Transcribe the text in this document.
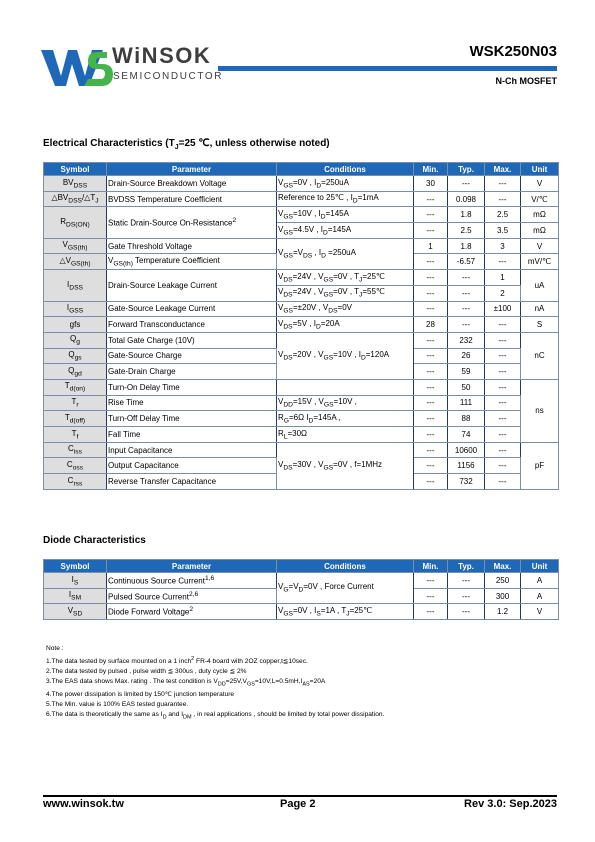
WiNSOK
SEMICONDUCTOR
WSK250N03
N-Ch MOSFET
Electrical Characteristics ($T_J=25$ ℃, unless otherwise noted)
Symbol	Parameter	Conditions	Min.	Typ.	Max.	Unit
$BV_{DSS}$	Drain-Source Breakdown Voltage	$V_{GS}=0V$ , $I_D=250uA$	30	---	---	V
$\triangle BV_{DSS}/\triangle T_J$	BVDSS Temperature Coefficient	Reference to 25℃ , $I_D=1mA$	---	0.098	---	V/℃
$R_{DS(ON)}$	Static Drain-Source On-Resistance$^2$	$V_{GS}=10V$ , $I_D=145A$	---	1.8	2.5	mΩ
		$V_{GS}=4.5V$ , $I_D=145A$	---	2.5	3.5	mΩ
$V_{GS(th)}$	Gate Threshold Voltage	$V_{GS}=V_{DS}$ , $I_D =250uA$	1	1.8	3	V
$\triangle V_{GS(th)}$	$V_{GS(th)}$ Temperature Coefficient		---	-6.57	---	mV/℃
$I_{DSS}$	Drain-Source Leakage Current	$V_{DS}=24V$ , $V_{GS}=0V$ , $T_J=25℃$	---	---	1	uA
		$V_{DS}=24V$ , $V_{GS}=0V$ , $T_J=55℃$	---	---	2	
$I_{GSS}$	Gate-Source Leakage Current	$V_{GS}=\pm 20V$ , $V_{DS}=0V$	---	---	±100	nA
gfs	Forward Transconductance	$V_{DS}=5V$ , $I_D=20A$	28	---	---	S
$Q_g$	Total Gate Charge (10V)	$V_{DS}=20V$ , $V_{GS}=10V$ , $I_D=120A$	---	232	---	nC
$Q_{gs}$	Gate-Source Charge		---	26	---	
$Q_{gd}$	Gate-Drain Charge		---	59	---	
$T_{d(on)}$	Turn-On Delay Time		---	50	---	ns
$T_r$	Rise Time	$V_{DD}=15V$ , $V_{GS}=10V$ ,	---	111	---	
$T_{d(off)}$	Turn-Off Delay Time	$R_G=6\Omega$ $I_D=145A$ ,	---	88	---	
$T_f$	Fall Time	$R_L=30\Omega$	---	74	---	
$C_{iss}$	Input Capacitance	$V_{DS}=30V$ , $V_{GS}=0V$ , f=1MHz	---	10600	---	pF
$C_{oss}$	Output Capacitance		---	1156	---	
$C_{rss}$	Reverse Transfer Capacitance		---	732	---	
Diode Characteristics
Symbol	Parameter	Conditions	Min.	Typ.	Max.	Unit
$I_S$	Continuous Source Current$^{1,6}$	$V_G=V_D=0V$ , Force Current	---	---	250	A
$I_{SM}$	Pulsed Source Current$^{2,6}$		---	---	300	A
$V_{SD}$	Diode Forward Voltage$^2$	$V_{GS}=0V$ , $I_S=1A$ , $T_J=25℃$	---	---	1.2	V
Note :
1.The data tested by surface mounted on a 1 inch$^2$ FR-4 board with 2OZ copper,t≦10sec.
2.The data tested by pulsed , pulse width ≦ 300us , duty cycle ≦ 2%
3.The EAS data shows Max. rating . The test condition is $V_{DD}=25V,V_{GS}=10V,L=0.5mH,I_{AS}=20A$
4.The power dissipation is limited by 150℃ junction temperature
5.The Min. value is 100% EAS tested guarantee.
6.The data is theoretically the same as $I_D$ and $I_{DM}$ , in real applications , should be limited by total power dissipation.
www.winsok.tw	Page 2	Rev 3.0: Sep.2023
